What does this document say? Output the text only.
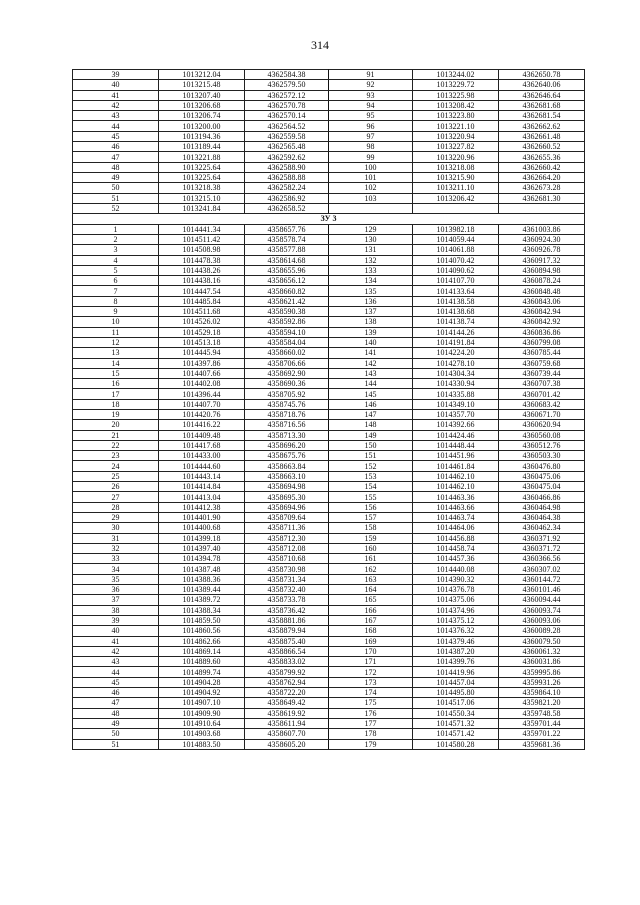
314
39	1013212.04	4362584.38	91	1013244.02	4362650.78
40	1013215.48	4362579.50	92	1013229.72	4362640.06
41	1013207.40	4362572.12	93	1013225.98	4362646.64
42	1013206.68	4362570.78	94	1013208.42	4362681.68
43	1013206.74	4362570.14	95	1013223.80	4362681.54
44	1013200.00	4362564.52	96	1013221.10	4362662.62
45	1013194.36	4362559.58	97	1013220.94	4362661.48
46	1013189.44	4362565.48	98	1013227.82	4362660.52
47	1013221.88	4362592.62	99	1013220.96	4362655.36
48	1013225.64	4362588.90	100	1013218.08	4362660.42
49	1013225.64	4362588.88	101	1013215.90	4362664.20
50	1013218.38	4362582.24	102	1013211.10	4362673.28
51	1013215.10	4362586.92	103	1013206.42	4362681.30
52	1013241.84	4362658.52			
ЗУ 3					
1	1014441.34	4358657.76	129	1013982.18	4361003.86
2	1014511.42	4358578.74	130	1014059.44	4360924.30
3	1014508.98	4358577.88	131	1014061.88	4360926.78
4	1014478.38	4358614.68	132	1014070.42	4360917.32
5	1014438.26	4358655.96	133	1014090.62	4360894.98
6	1014438.16	4358656.12	134	1014107.70	4360878.24
7	1014447.54	4358660.82	135	1014133.64	4360848.48
8	1014485.84	4358621.42	136	1014138.58	4360843.06
9	1014511.68	4358590.38	137	1014138.68	4360842.94
10	1014526.02	4358592.86	138	1014138.74	4360842.92
11	1014529.18	4358594.10	139	1014144.26	4360836.86
12	1014513.18	4358584.04	140	1014191.84	4360799.08
13	1014445.94	4358660.02	141	1014224.20	4360785.44
14	1014397.86	4358706.66	142	1014278.10	4360759.68
15	1014407.66	4358692.90	143	1014304.34	4360739.44
16	1014402.08	4358690.36	144	1014330.94	4360707.38
17	1014396.44	4358705.92	145	1014335.88	4360701.42
18	1014407.70	4358745.76	146	1014349.10	4360683.42
19	1014420.76	4358718.76	147	1014357.70	4360671.70
20	1014416.22	4358716.56	148	1014392.66	4360620.94
21	1014409.48	4358713.30	149	1014424.46	4360560.08
22	1014417.68	4358696.20	150	1014448.44	4360512.76
23	1014433.00	4358675.76	151	1014451.96	4360503.30
24	1014444.60	4358663.84	152	1014461.84	4360476.80
25	1014443.14	4358663.10	153	1014462.10	4360475.06
26	1014414.84	4358694.98	154	1014462.10	4360475.04
27	1014413.04	4358695.30	155	1014463.36	4360466.86
28	1014412.38	4358694.96	156	1014463.66	4360464.98
29	1014401.90	4358709.64	157	1014463.74	4360464.38
30	1014400.68	4358711.36	158	1014464.06	4360462.34
31	1014399.18	4358712.30	159	1014456.88	4360371.92
32	1014397.40	4358712.08	160	1014458.74	4360371.72
33	1014394.78	4358710.68	161	1014457.36	4360366.56
34	1014387.48	4358730.98	162	1014440.08	4360307.02
35	1014388.36	4358731.34	163	1014390.32	4360144.72
36	1014389.44	4358732.40	164	1014376.78	4360101.46
37	1014389.72	4358733.78	165	1014375.06	4360094.44
38	1014388.34	4358736.42	166	1014374.96	4360093.74
39	1014859.50	4358881.86	167	1014375.12	4360093.06
40	1014860.56	4358879.94	168	1014376.32	4360089.28
41	1014862.66	4358875.40	169	1014379.46	4360079.50
42	1014869.14	4358866.54	170	1014387.20	4360061.32
43	1014889.60	4358833.02	171	1014399.76	4360031.86
44	1014899.74	4358799.92	172	1014419.96	4359995.86
45	1014904.28	4358762.94	173	1014457.04	4359931.26
46	1014904.92	4358722.20	174	1014495.80	4359864.10
47	1014907.10	4358649.42	175	1014517.06	4359821.20
48	1014909.90	4358619.92	176	1014550.34	4359748.58
49	1014910.64	4358611.94	177	1014571.32	4359701.44
50	1014903.68	4358607.70	178	1014571.42	4359701.22
51	1014883.50	4358605.20	179	1014580.28	4359681.36
